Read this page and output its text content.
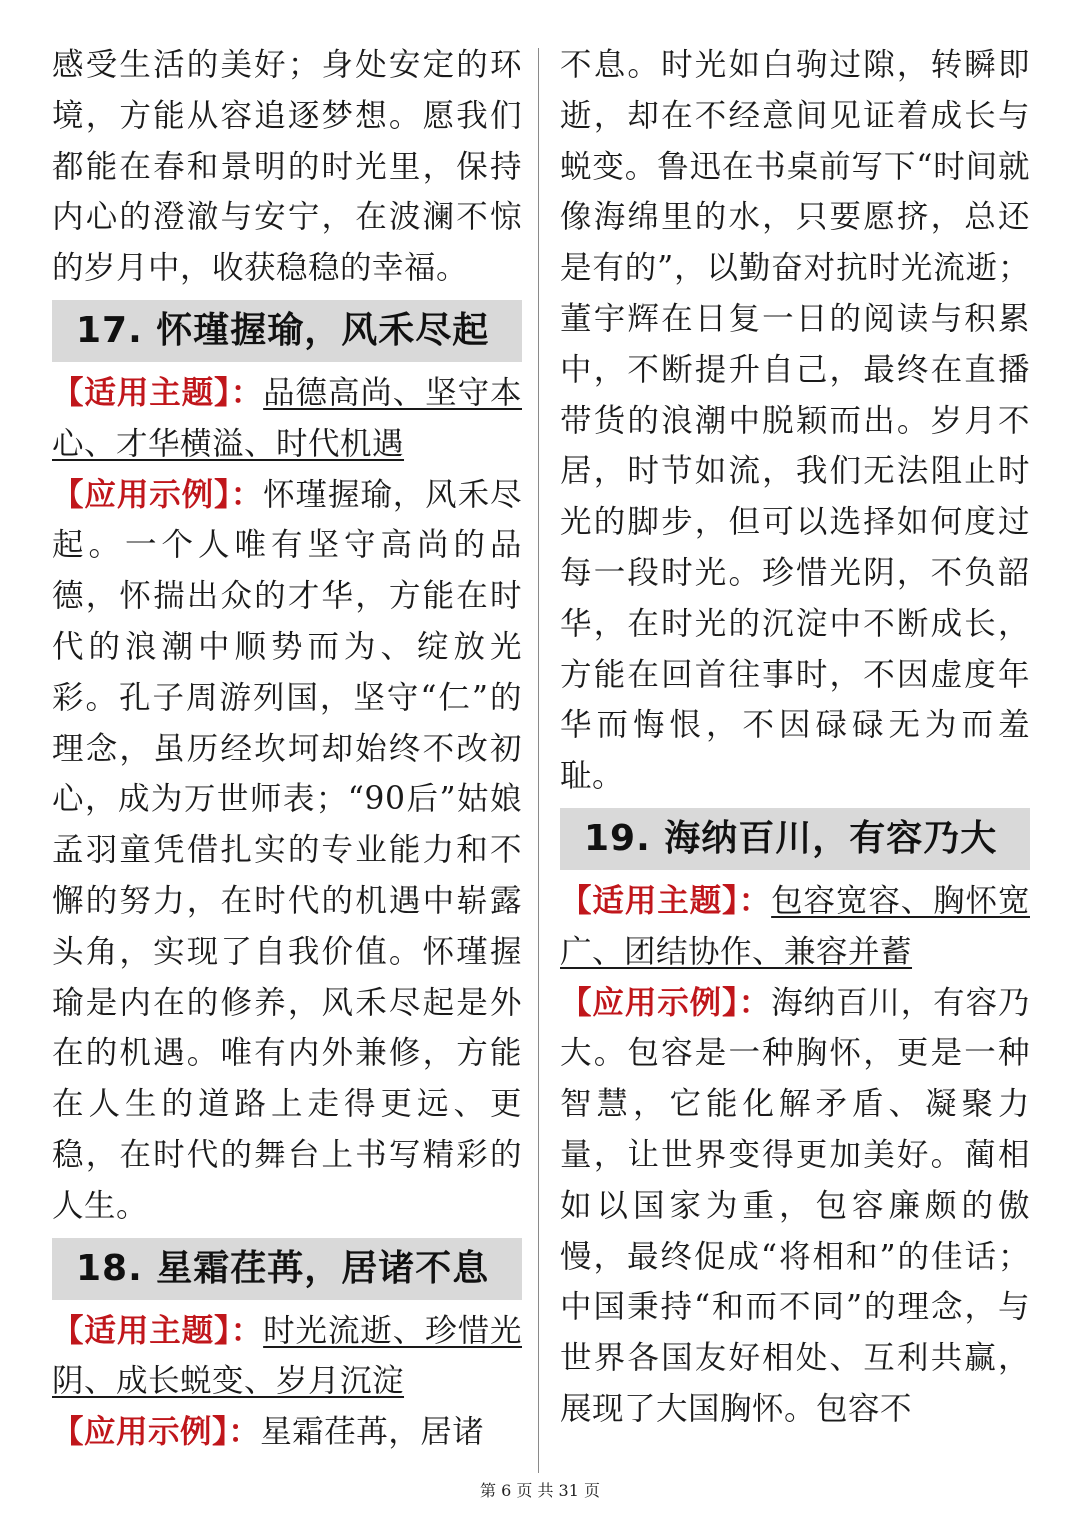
感受生活的美好；身处安定的环境，方能从容追逐梦想。愿我们都能在春和景明的时光里，保持内心的澄澈与安宁，在波澜不惊的岁月中，收获稳稳的幸福。

17. 怀瑾握瑜，风禾尽起

【适用主题】：品德高尚、坚守本心、才华横溢、时代机遇

【应用示例】：怀瑾握瑜，风禾尽起。一个人唯有坚守高尚的品德，怀揣出众的才华，方能在时代的浪潮中顺势而为、绽放光彩。孔子周游列国，坚守“仁”的理念，虽历经坎坷却始终不改初心，成为万世师表；“90后”姑娘孟羽童凭借扎实的专业能力和不懈的努力，在时代的机遇中崭露头角，实现了自我价值。怀瑾握瑜是内在的修养，风禾尽起是外在的机遇。唯有内外兼修，方能在人生的道路上走得更远、更稳，在时代的舞台上书写精彩的人生。

18. 星霜荏苒，居诸不息

【适用主题】：时光流逝、珍惜光阴、成长蜕变、岁月沉淀

【应用示例】：星霜荏苒，居诸

不息。时光如白驹过隙，转瞬即逝，却在不经意间见证着成长与蜕变。鲁迅在书桌前写下“时间就像海绵里的水，只要愿挤，总还是有的”，以勤奋对抗时光流逝；董宇辉在日复一日的阅读与积累中，不断提升自己，最终在直播带货的浪潮中脱颖而出。岁月不居，时节如流，我们无法阻止时光的脚步，但可以选择如何度过每一段时光。珍惜光阴，不负韶华，在时光的沉淀中不断成长，方能在回首往事时，不因虚度年华而悔恨，不因碌碌无为而羞耻。

19. 海纳百川，有容乃大

【适用主题】：包容宽容、胸怀宽广、团结协作、兼容并蓄

【应用示例】：海纳百川，有容乃大。包容是一种胸怀，更是一种智慧，它能化解矛盾、凝聚力量，让世界变得更加美好。蔺相如以国家为重，包容廉颇的傲慢，最终促成“将相和”的佳话；中国秉持“和而不同”的理念，与世界各国友好相处、互利共赢，展现了大国胸怀。包容不

第 6 页 共 31 页
